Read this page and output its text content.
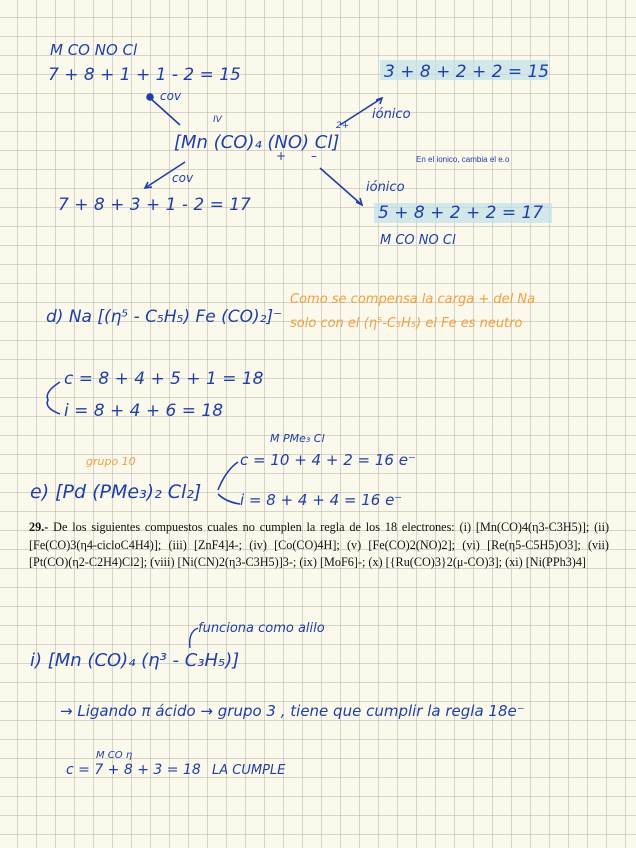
M CO NO Cl
7 + 8 + 1 + 1 - 2 = 15	3 + 8 + 2 + 2 = 15
cov
IV
[Mn (CO)₄ (NO) Cl]
2+
+ –
iónico
cov
7 + 8 + 3 + 1 - 2 = 17
iónico
5 + 8 + 2 + 2 = 17
M CO NO Cl
d) Na [(η⁵ - C₅H₅) Fe (CO)₂]⁻
Como se compensa la carga + del Na
solo con el (η⁵-C₅H₅) el Fe es neutro
c = 8 + 4 + 5 + 1 = 18
i = 8 + 4 + 6 = 18
M PMe₃ Cl
grupo 10
e) [Pd (PMe₃)₂ Cl₂]
c = 10 + 4 + 2 = 16 e⁻
i = 8 + 4 + 4 = 16 e⁻
funciona como alilo
i) [Mn (CO)₄ (η³ - C₃H₅)]
→ Ligando π ácido → grupo 3 , tiene que cumplir la regla 18e⁻
M CO η
c = 7 + 8 + 3 = 18 LA CUMPLE
En el ionico, cambia el e.o
29.- De los siguientes compuestos cuales no cumplen la regla de los 18 electrones: (i) [Mn(CO)4(η3-C3H5)]; (ii) [Fe(CO)3(η4-cicloC4H4)]; (iii) [ZnF4]4-; (iv) [Co(CO)4H]; (v) [Fe(CO)2(NO)2]; (vi) [Re(η5-C5H5)O3]; (vii) [Pt(CO)(η2-C2H4)Cl2]; (viii) [Ni(CN)2(η3-C3H5)]3-; (ix) [MoF6]-; (x) [{Ru(CO)3}2(μ-CO)3]; (xi) [Ni(PPh3)4]
